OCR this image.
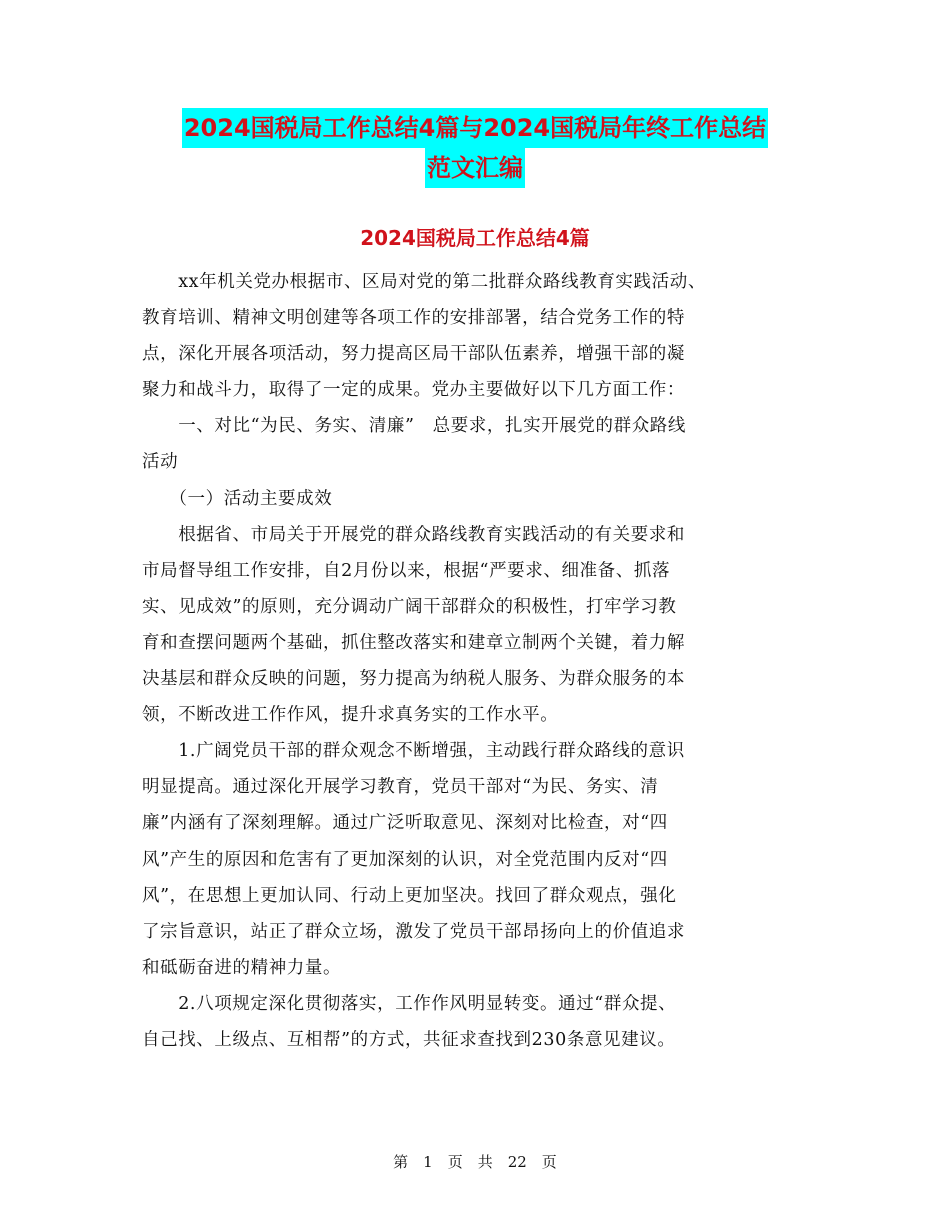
2024国税局工作总结4篇与2024国税局年终工作总结
范文汇编
2024国税局工作总结4篇
　　xx年机关党办根据市、区局对党的第二批群众路线教育实践活动、
教育培训、精神文明创建等各项工作的安排部署，结合党务工作的特
点，深化开展各项活动，努力提高区局干部队伍素养，增强干部的凝
聚力和战斗力，取得了一定的成果。党办主要做好以下几方面工作：
　　一、对比“为民、务实、清廉”　总要求，扎实开展党的群众路线
活动
　　（一）活动主要成效
　　根据省、市局关于开展党的群众路线教育实践活动的有关要求和
市局督导组工作安排，自2月份以来，根据“严要求、细准备、抓落
实、见成效”的原则，充分调动广阔干部群众的积极性，打牢学习教
育和查摆问题两个基础，抓住整改落实和建章立制两个关键，着力解
决基层和群众反映的问题，努力提高为纳税人服务、为群众服务的本
领，不断改进工作作风，提升求真务实的工作水平。
　　1.广阔党员干部的群众观念不断增强，主动践行群众路线的意识
明显提高。通过深化开展学习教育，党员干部对“为民、务实、清
廉”内涵有了深刻理解。通过广泛听取意见、深刻对比检查，对“四
风”产生的原因和危害有了更加深刻的认识，对全党范围内反对“四
风”，在思想上更加认同、行动上更加坚决。找回了群众观点，强化
了宗旨意识，站正了群众立场，激发了党员干部昂扬向上的价值追求
和砥砺奋进的精神力量。
　　2.八项规定深化贯彻落实，工作作风明显转变。通过“群众提、
自己找、上级点、互相帮”的方式，共征求查找到230条意见建议。
第　1　页　共　22　页
